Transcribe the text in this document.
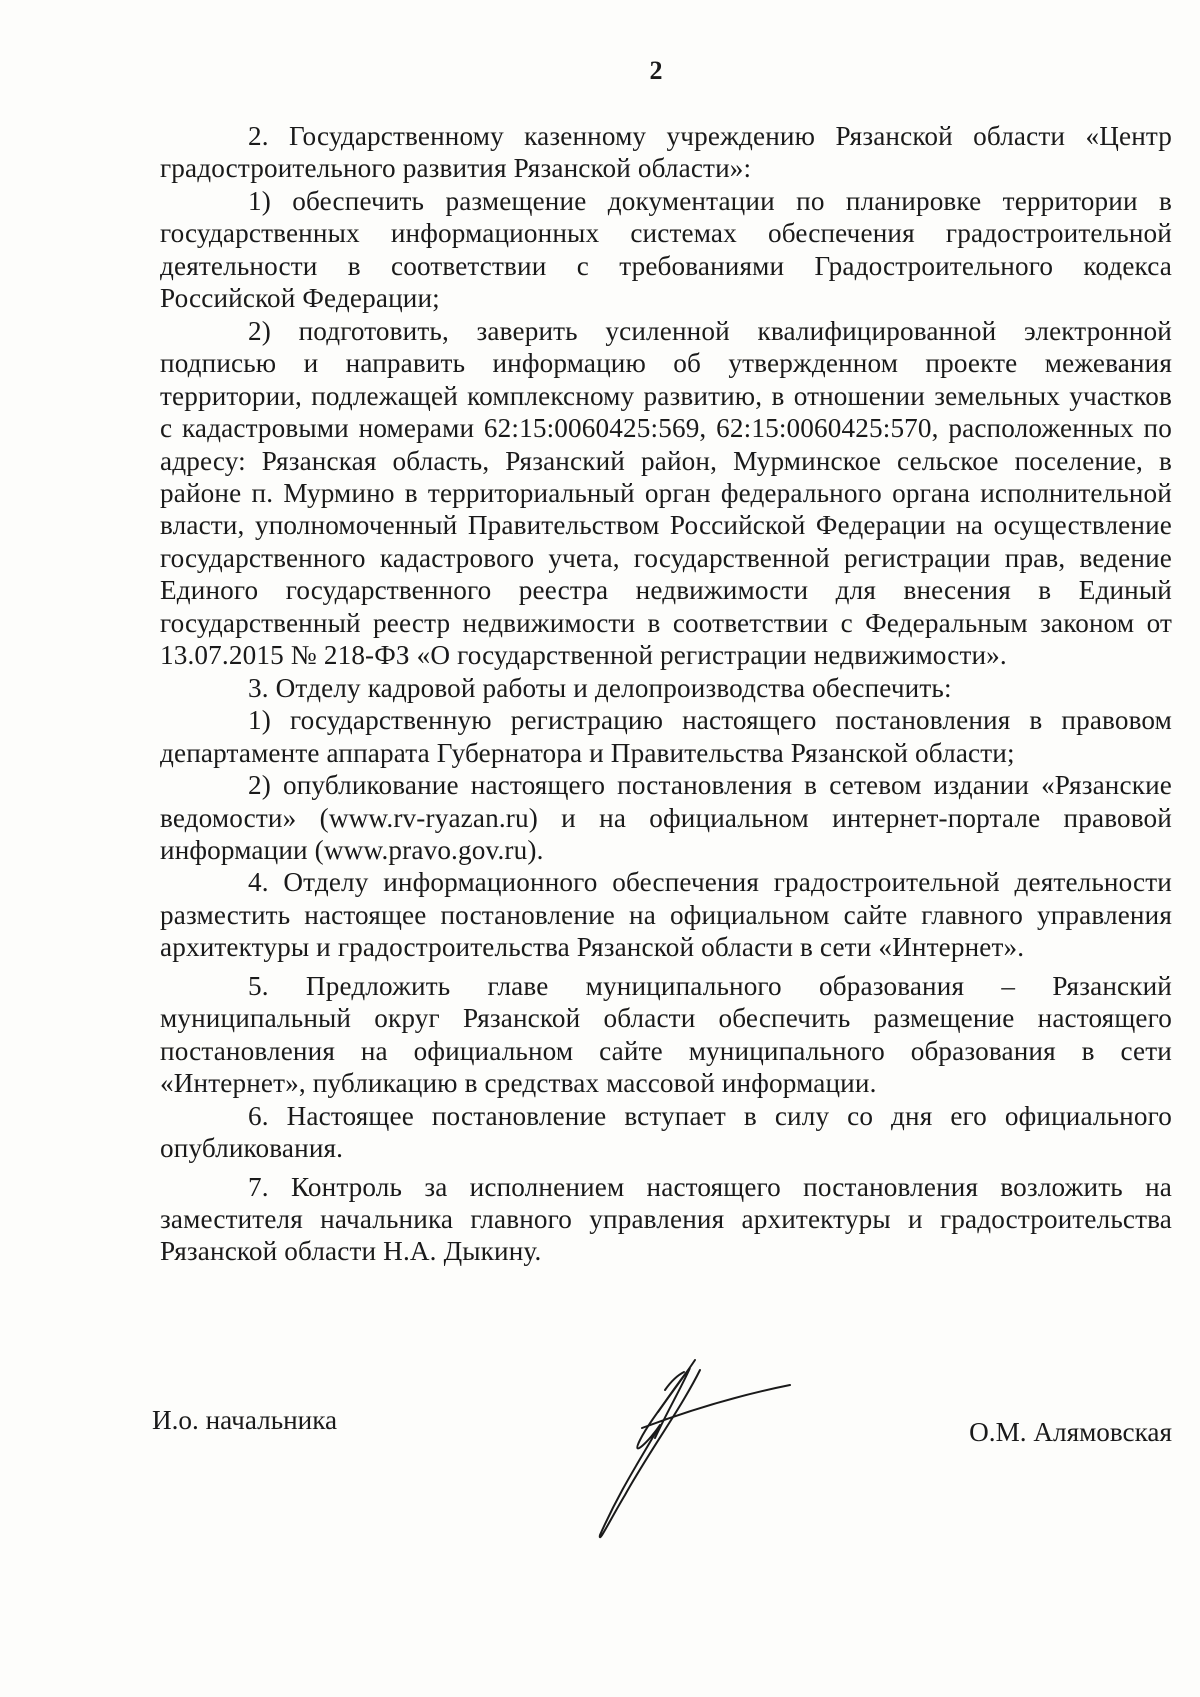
2

2. Государственному казенному учреждению Рязанской области «Центр градостроительного развития Рязанской области»:

1) обеспечить размещение документации по планировке территории в государственных информационных системах обеспечения градостроительной деятельности в соответствии с требованиями Градостроительного кодекса Российской Федерации;

2) подготовить, заверить усиленной квалифицированной электронной подписью и направить информацию об утвержденном проекте межевания территории, подлежащей комплексному развитию, в отношении земельных участков с кадастровыми номерами 62:15:0060425:569, 62:15:0060425:570, расположенных по адресу: Рязанская область, Рязанский район, Мурминское сельское поселение, в районе п. Мурмино в территориальный орган федерального органа исполнительной власти, уполномоченный Правительством Российской Федерации на осуществление государственного кадастрового учета, государственной регистрации прав, ведение Единого государственного реестра недвижимости для внесения в Единый государственный реестр недвижимости в соответствии с Федеральным законом от 13.07.2015 № 218-ФЗ «О государственной регистрации недвижимости».

3. Отделу кадровой работы и делопроизводства обеспечить:

1) государственную регистрацию настоящего постановления в правовом департаменте аппарата Губернатора и Правительства Рязанской области;

2) опубликование настоящего постановления в сетевом издании «Рязанские ведомости» (www.rv-ryazan.ru) и на официальном интернет-портале правовой информации (www.pravo.gov.ru).

4. Отделу информационного обеспечения градостроительной деятельности разместить настоящее постановление на официальном сайте главного управления архитектуры и градостроительства Рязанской области в сети «Интернет».

5. Предложить главе муниципального образования – Рязанский муниципальный округ Рязанской области обеспечить размещение настоящего постановления на официальном сайте муниципального образования в сети «Интернет», публикацию в средствах массовой информации.

6. Настоящее постановление вступает в силу со дня его официального опубликования.

7. Контроль за исполнением настоящего постановления возложить на заместителя начальника главного управления архитектуры и градостроительства Рязанской области Н.А. Дыкину.

И.о. начальника	О.М. Алямовская
